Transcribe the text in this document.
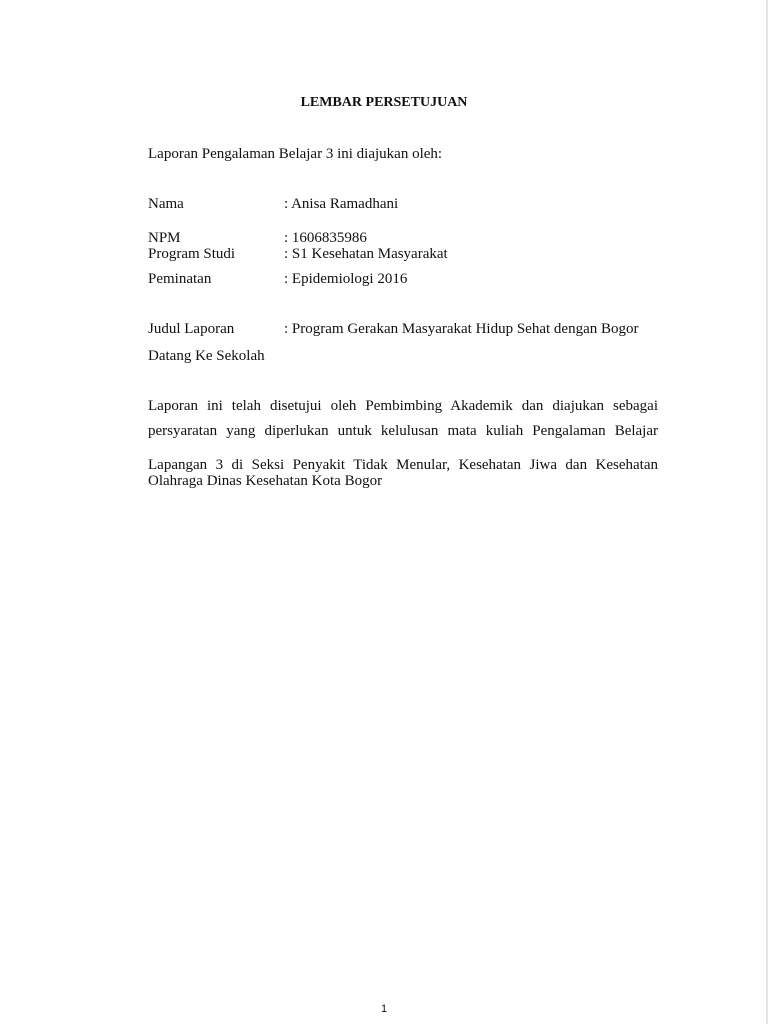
LEMBAR PERSETUJUAN
Laporan Pengalaman Belajar 3 ini diajukan oleh:
Nama	: Anisa Ramadhani
NPM	: 1606835986
Program Studi	: S1 Kesehatan Masyarakat
Peminatan	: Epidemiologi 2016
Judul Laporan	: Program Gerakan Masyarakat Hidup Sehat dengan Bogor
Datang Ke Sekolah
Laporan ini telah disetujui oleh Pembimbing Akademik dan diajukan sebagai
persyaratan yang diperlukan untuk kelulusan mata kuliah Pengalaman Belajar
Lapangan 3 di Seksi Penyakit Tidak Menular, Kesehatan Jiwa dan Kesehatan
Olahraga Dinas Kesehatan Kota Bogor
1
